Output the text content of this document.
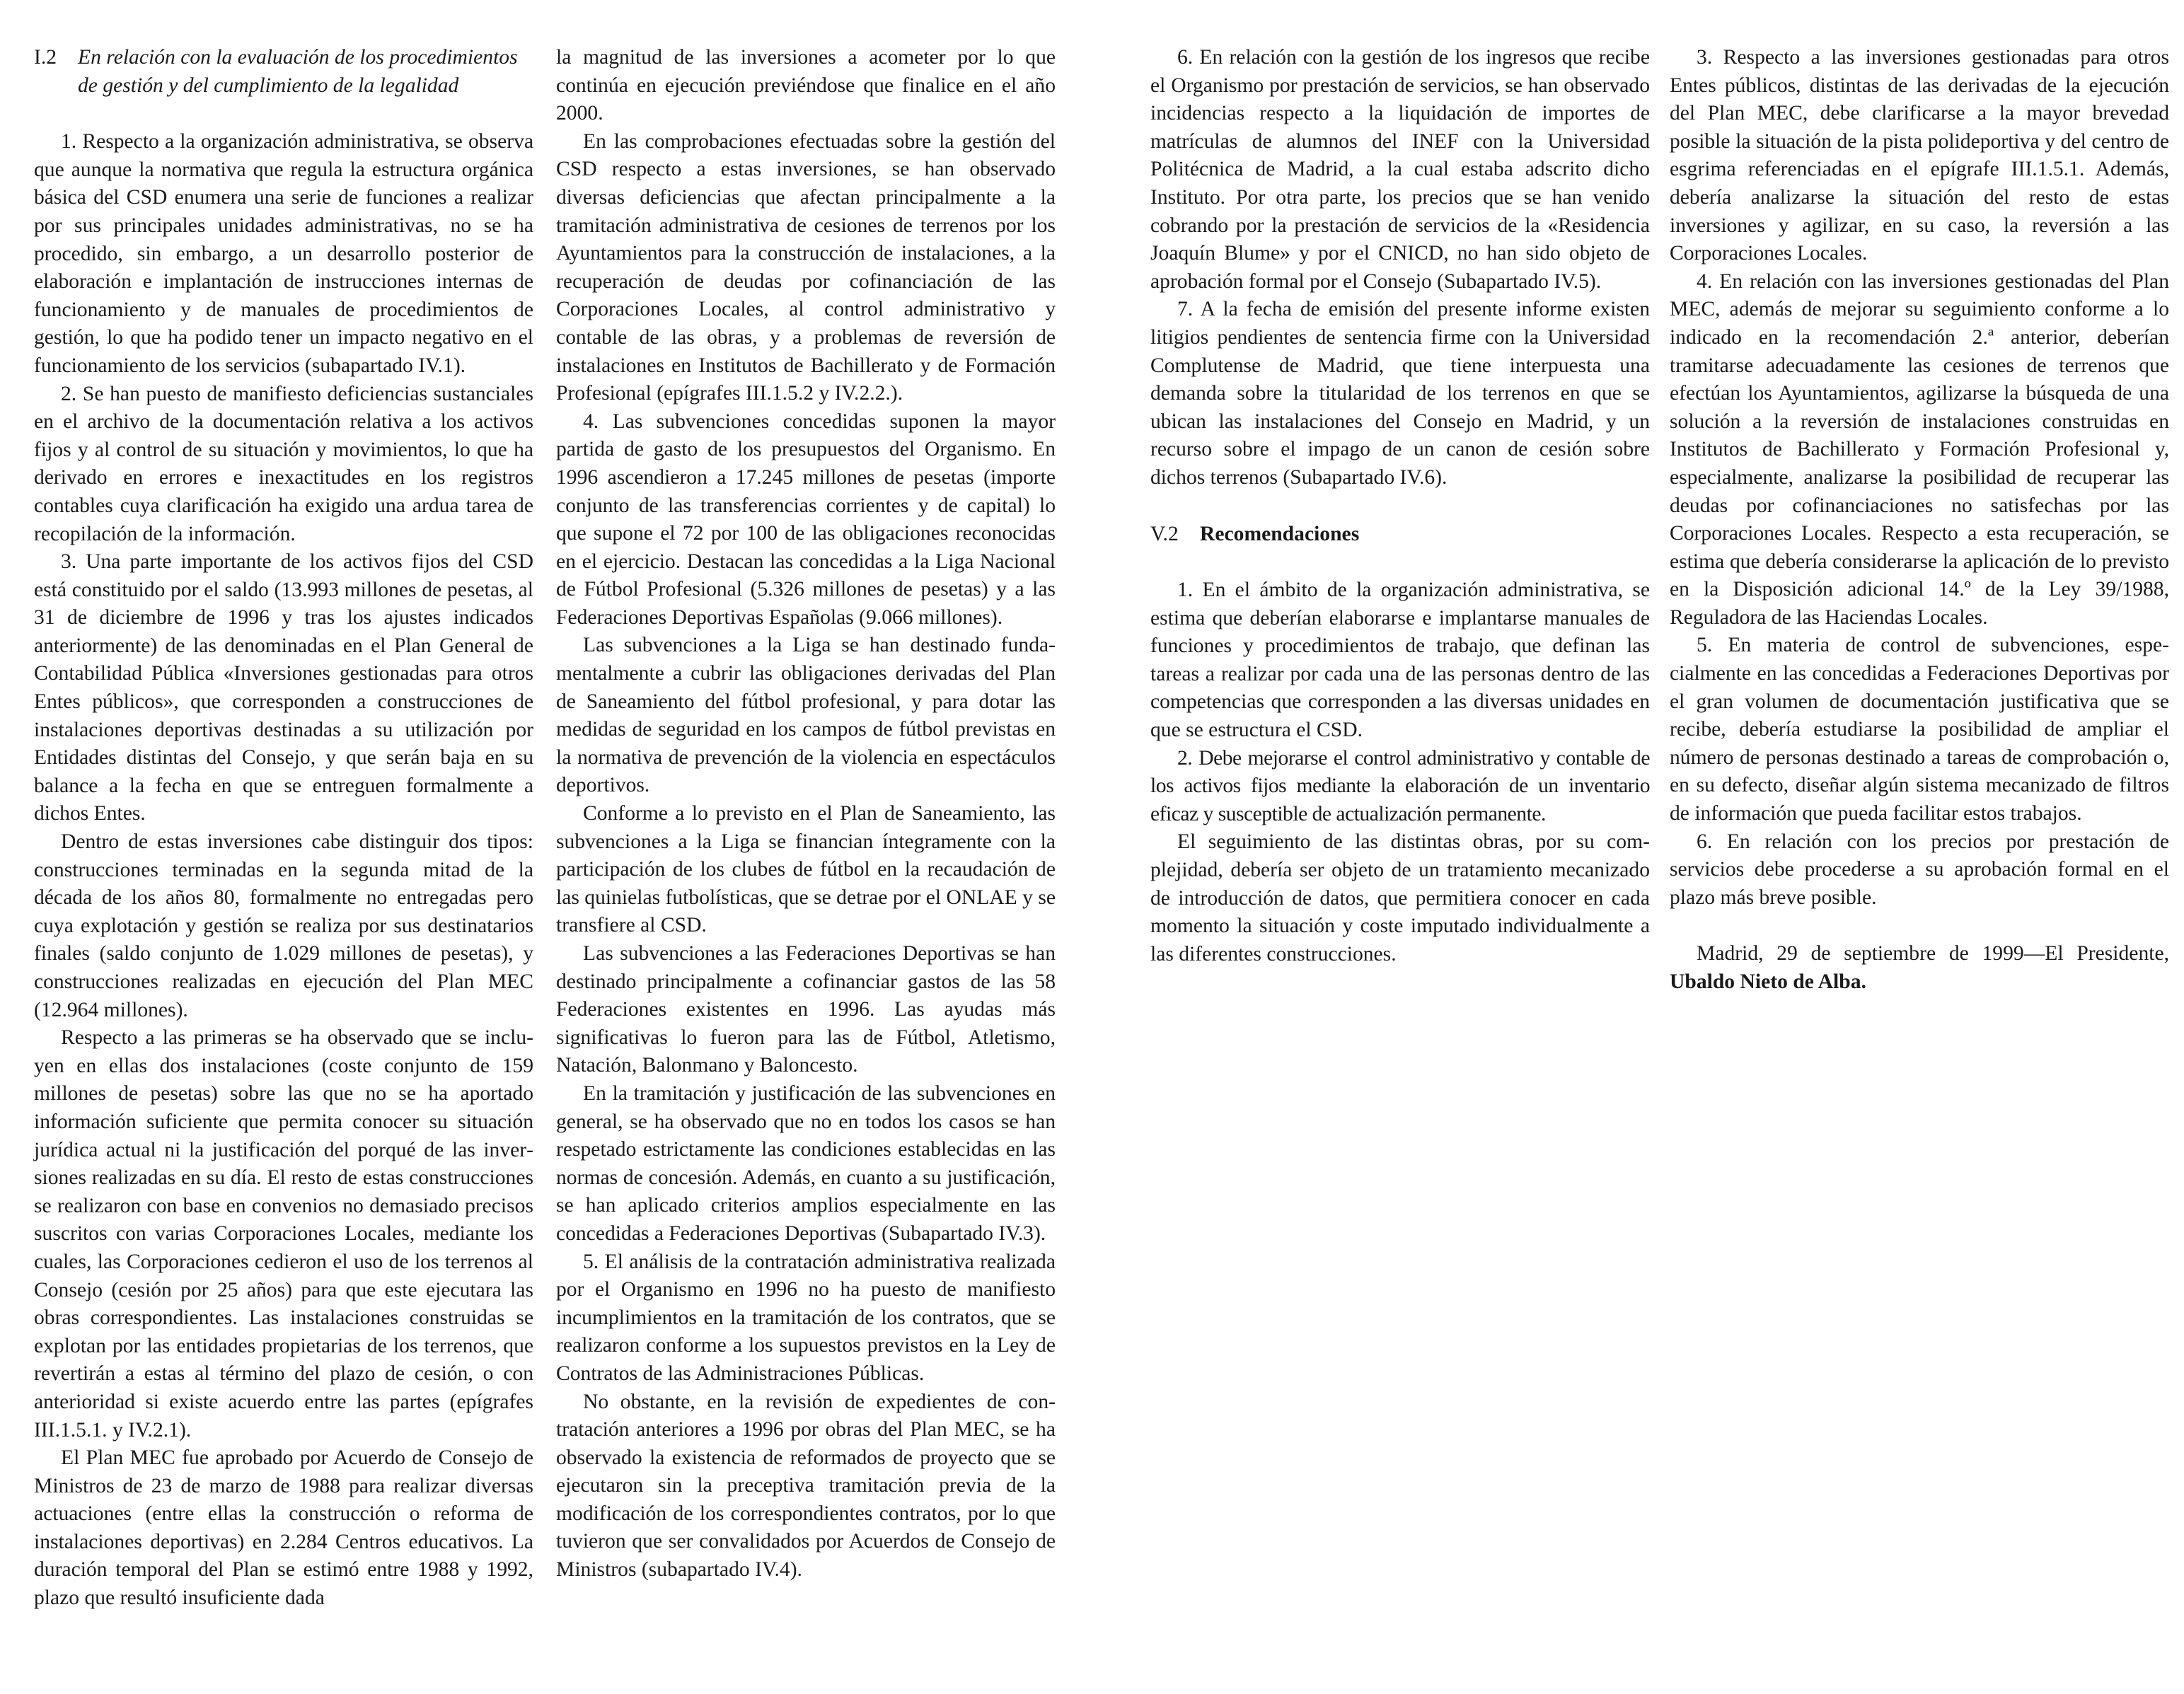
I.2	En relación con la evaluación de los procedimientos de gestión y del cumplimiento de la legalidad

1. Respecto a la organización administrativa, se observa que aunque la normativa que regula la estructura orgánica básica del CSD enumera una serie de funciones a realizar por sus principales unidades administrativas, no se ha procedido, sin embargo, a un desarrollo posterior de elaboración e implantación de instrucciones internas de funcionamiento y de manuales de procedimientos de gestión, lo que ha podido tener un impacto negativo en el funcionamiento de los servicios (subapartado IV.1).

2. Se han puesto de manifiesto deficiencias sustanciales en el archivo de la documentación relativa a los activos fijos y al control de su situación y movimientos, lo que ha derivado en errores e inexactitudes en los registros contables cuya clarificación ha exigido una ardua tarea de recopilación de la información.

3. Una parte importante de los activos fijos del CSD está constituido por el saldo (13.993 millones de pesetas, al 31 de diciembre de 1996 y tras los ajustes indicados anteriormente) de las denominadas en el Plan General de Contabilidad Pública «Inversiones gestionadas para otros Entes públicos», que corresponden a construcciones de instalaciones deportivas destinadas a su utilización por Entidades distintas del Consejo, y que serán baja en su balance a la fecha en que se entreguen formalmente a dichos Entes.

Dentro de estas inversiones cabe distinguir dos tipos: construcciones terminadas en la segunda mitad de la década de los años 80, formalmente no entregadas pero cuya explotación y gestión se realiza por sus destinatarios finales (saldo conjunto de 1.029 millones de pesetas), y construcciones realizadas en ejecución del Plan MEC (12.964 millones).

Respecto a las primeras se ha observado que se incluyen en ellas dos instalaciones (coste conjunto de 159 millones de pesetas) sobre las que no se ha aportado información suficiente que permita conocer su situación jurídica actual ni la justificación del porqué de las inversiones realizadas en su día. El resto de estas construcciones se realizaron con base en convenios no demasiado precisos suscritos con varias Corporaciones Locales, mediante los cuales, las Corporaciones cedieron el uso de los terrenos al Consejo (cesión por 25 años) para que este ejecutara las obras correspondientes. Las instalaciones construidas se explotan por las entidades propietarias de los terrenos, que revertirán a estas al término del plazo de cesión, o con anterioridad si existe acuerdo entre las partes (epígrafes III.1.5.1. y IV.2.1).

El Plan MEC fue aprobado por Acuerdo de Consejo de Ministros de 23 de marzo de 1988 para realizar diversas actuaciones (entre ellas la construcción o reforma de instalaciones deportivas) en 2.284 Centros educativos. La duración temporal del Plan se estimó entre 1988 y 1992, plazo que resultó insuficiente dada

la magnitud de las inversiones a acometer por lo que continúa en ejecución previéndose que finalice en el año 2000.

En las comprobaciones efectuadas sobre la gestión del CSD respecto a estas inversiones, se han observado diversas deficiencias que afectan principalmente a la tramitación administrativa de cesiones de terrenos por los Ayuntamientos para la construcción de instalaciones, a la recuperación de deudas por cofinanciación de las Corporaciones Locales, al control administrativo y contable de las obras, y a problemas de reversión de instalaciones en Institutos de Bachillerato y de Formación Profesional (epígrafes III.1.5.2 y IV.2.2.).

4. Las subvenciones concedidas suponen la mayor partida de gasto de los presupuestos del Organismo. En 1996 ascendieron a 17.245 millones de pesetas (importe conjunto de las transferencias corrientes y de capital) lo que supone el 72 por 100 de las obligaciones reconocidas en el ejercicio. Destacan las concedidas a la Liga Nacional de Fútbol Profesional (5.326 millones de pesetas) y a las Federaciones Deportivas Españolas (9.066 millones).

Las subvenciones a la Liga se han destinado fundamentalmente a cubrir las obligaciones derivadas del Plan de Saneamiento del fútbol profesional, y para dotar las medidas de seguridad en los campos de fútbol previstas en la normativa de prevención de la violencia en espectáculos deportivos.

Conforme a lo previsto en el Plan de Saneamiento, las subvenciones a la Liga se financian íntegramente con la participación de los clubes de fútbol en la recaudación de las quinielas futbolísticas, que se detrae por el ONLAE y se transfiere al CSD.

Las subvenciones a las Federaciones Deportivas se han destinado principalmente a cofinanciar gastos de las 58 Federaciones existentes en 1996. Las ayudas más significativas lo fueron para las de Fútbol, Atletismo, Natación, Balonmano y Baloncesto.

En la tramitación y justificación de las subvenciones en general, se ha observado que no en todos los casos se han respetado estrictamente las condiciones establecidas en las normas de concesión. Además, en cuanto a su justificación, se han aplicado criterios amplios especialmente en las concedidas a Federaciones Deportivas (Subapartado IV.3).

5. El análisis de la contratación administrativa realizada por el Organismo en 1996 no ha puesto de manifiesto incumplimientos en la tramitación de los contratos, que se realizaron conforme a los supuestos previstos en la Ley de Contratos de las Administraciones Públicas.

No obstante, en la revisión de expedientes de contratación anteriores a 1996 por obras del Plan MEC, se ha observado la existencia de reformados de proyecto que se ejecutaron sin la preceptiva tramitación previa de la modificación de los correspondientes contratos, por lo que tuvieron que ser convalidados por Acuerdos de Consejo de Ministros (subapartado IV.4).

6. En relación con la gestión de los ingresos que recibe el Organismo por prestación de servicios, se han observado incidencias respecto a la liquidación de importes de matrículas de alumnos del INEF con la Universidad Politécnica de Madrid, a la cual estaba adscrito dicho Instituto. Por otra parte, los precios que se han venido cobrando por la prestación de servicios de la «Residencia Joaquín Blume» y por el CNICD, no han sido objeto de aprobación formal por el Consejo (Subapartado IV.5).

7. A la fecha de emisión del presente informe existen litigios pendientes de sentencia firme con la Universidad Complutense de Madrid, que tiene interpuesta una demanda sobre la titularidad de los terrenos en que se ubican las instalaciones del Consejo en Madrid, y un recurso sobre el impago de un canon de cesión sobre dichos terrenos (Subapartado IV.6).

V.2 Recomendaciones

1. En el ámbito de la organización administrativa, se estima que deberían elaborarse e implantarse manuales de funciones y procedimientos de trabajo, que definan las tareas a realizar por cada una de las personas dentro de las competencias que corresponden a las diversas unidades en que se estructura el CSD.

2. Debe mejorarse el control administrativo y contable de los activos fijos mediante la elaboración de un inventario eficaz y susceptible de actualización permanente.

El seguimiento de las distintas obras, por su complejidad, debería ser objeto de un tratamiento mecanizado de introducción de datos, que permitiera conocer en cada momento la situación y coste imputado individualmente a las diferentes construcciones.

3. Respecto a las inversiones gestionadas para otros Entes públicos, distintas de las derivadas de la ejecución del Plan MEC, debe clarificarse a la mayor brevedad posible la situación de la pista polideportiva y del centro de esgrima referenciadas en el epígrafe III.1.5.1. Además, debería analizarse la situación del resto de estas inversiones y agilizar, en su caso, la reversión a las Corporaciones Locales.

4. En relación con las inversiones gestionadas del Plan MEC, además de mejorar su seguimiento conforme a lo indicado en la recomendación 2.ª anterior, deberían tramitarse adecuadamente las cesiones de terrenos que efectúan los Ayuntamientos, agilizarse la búsqueda de una solución a la reversión de instalaciones construidas en Institutos de Bachillerato y Formación Profesional y, especialmente, analizarse la posibilidad de recuperar las deudas por cofinanciaciones no satisfechas por las Corporaciones Locales. Respecto a esta recuperación, se estima que debería considerarse la aplicación de lo previsto en la Disposición adicional 14.º de la Ley 39/1988, Reguladora de las Haciendas Locales.

5. En materia de control de subvenciones, especialmente en las concedidas a Federaciones Deportivas por el gran volumen de documentación justificativa que se recibe, debería estudiarse la posibilidad de ampliar el número de personas destinado a tareas de comprobación o, en su defecto, diseñar algún sistema mecanizado de filtros de información que pueda facilitar estos trabajos.

6. En relación con los precios por prestación de servicios debe procederse a su aprobación formal en el plazo más breve posible.

Madrid, 29 de septiembre de 1999—El Presidente, Ubaldo Nieto de Alba.
